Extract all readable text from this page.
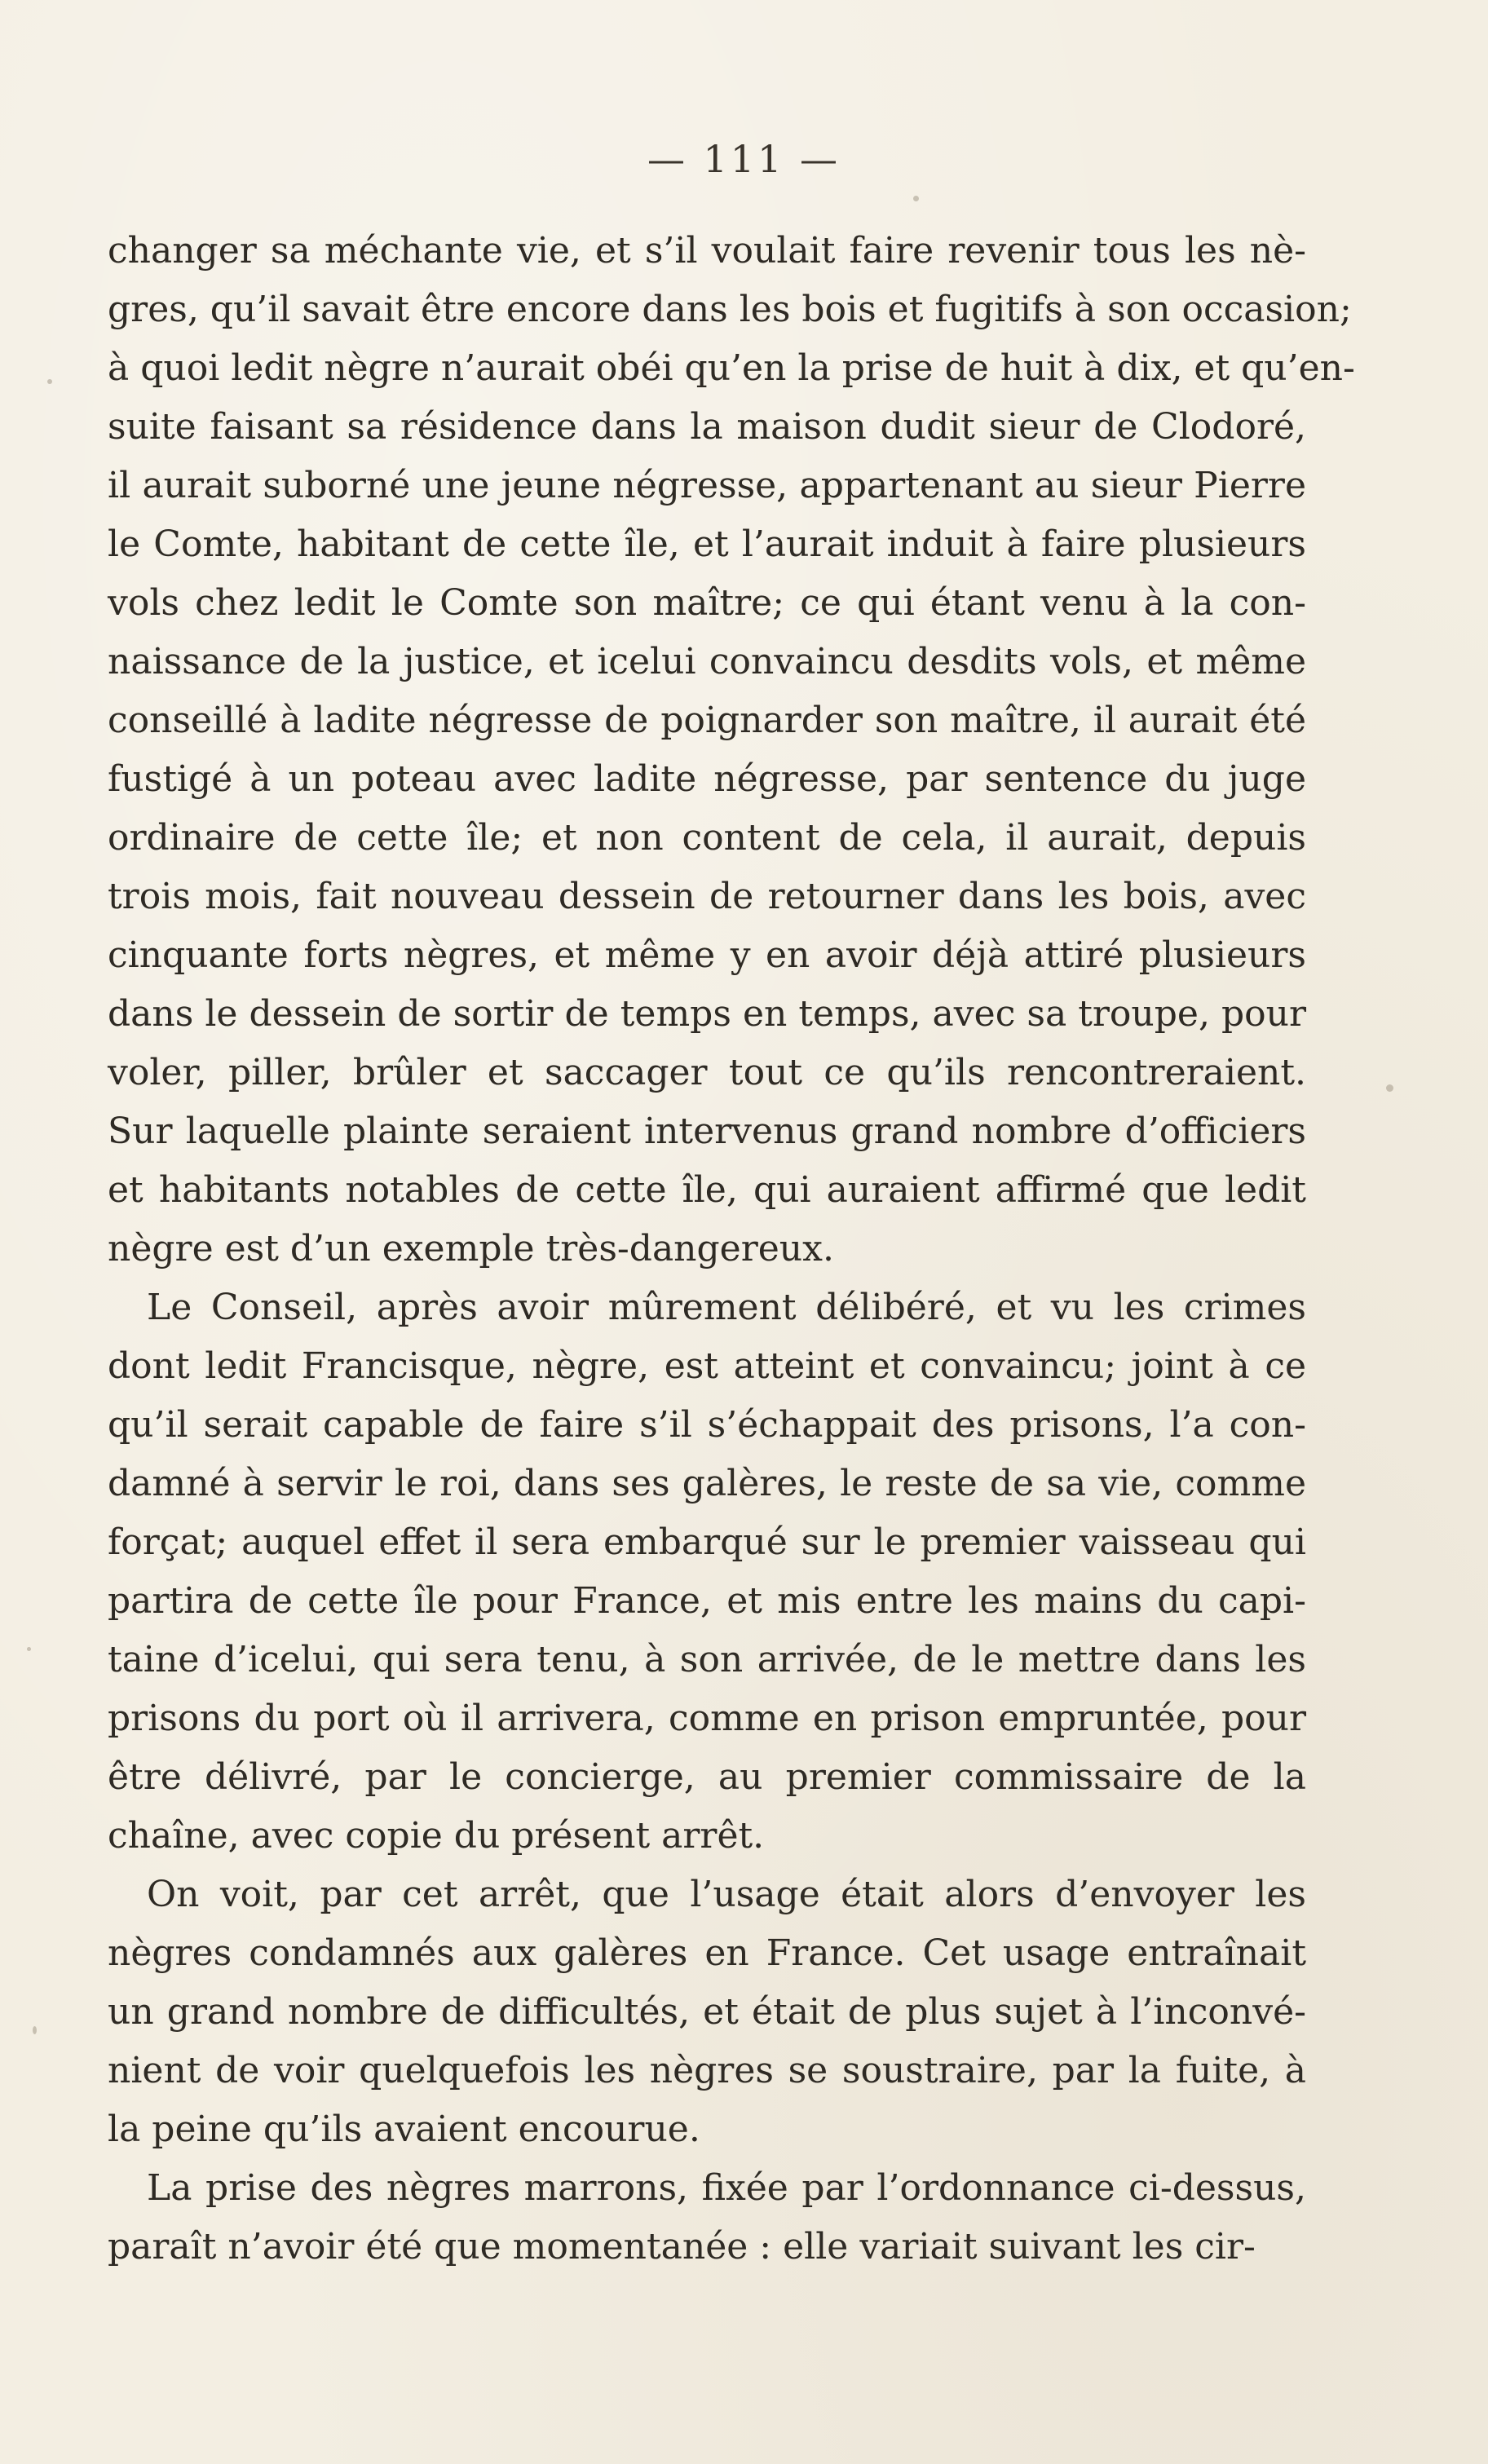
— 111 —

changer sa méchante vie, et s’il voulait faire revenir tous les nè-
gres, qu’il savait être encore dans les bois et fugitifs à son occasion;
à quoi ledit nègre n’aurait obéi qu’en la prise de huit à dix, et qu’en-
suite faisant sa résidence dans la maison dudit sieur de Clodoré,
il aurait suborné une jeune négresse, appartenant au sieur Pierre
le Comte, habitant de cette île, et l’aurait induit à faire plusieurs
vols chez ledit le Comte son maître; ce qui étant venu à la con-
naissance de la justice, et icelui convaincu desdits vols, et même
conseillé à ladite négresse de poignarder son maître, il aurait été
fustigé à un poteau avec ladite négresse, par sentence du juge
ordinaire de cette île; et non content de cela, il aurait, depuis
trois mois, fait nouveau dessein de retourner dans les bois, avec
cinquante forts nègres, et même y en avoir déjà attiré plusieurs
dans le dessein de sortir de temps en temps, avec sa troupe, pour
voler, piller, brûler et saccager tout ce qu’ils rencontreraient.
Sur laquelle plainte seraient intervenus grand nombre d’officiers
et habitants notables de cette île, qui auraient affirmé que ledit
nègre est d’un exemple très-dangereux.

Le Conseil, après avoir mûrement délibéré, et vu les crimes
dont ledit Francisque, nègre, est atteint et convaincu; joint à ce
qu’il serait capable de faire s’il s’échappait des prisons, l’a con-
damné à servir le roi, dans ses galères, le reste de sa vie, comme
forçat; auquel effet il sera embarqué sur le premier vaisseau qui
partira de cette île pour France, et mis entre les mains du capi-
taine d’icelui, qui sera tenu, à son arrivée, de le mettre dans les
prisons du port où il arrivera, comme en prison empruntée, pour
être délivré, par le concierge, au premier commissaire de la
chaîne, avec copie du présent arrêt.

On voit, par cet arrêt, que l’usage était alors d’envoyer les
nègres condamnés aux galères en France. Cet usage entraînait
un grand nombre de difficultés, et était de plus sujet à l’inconvé-
nient de voir quelquefois les nègres se soustraire, par la fuite, à
la peine qu’ils avaient encourue.

La prise des nègres marrons, fixée par l’ordonnance ci-dessus,
paraît n’avoir été que momentanée : elle variait suivant les cir-
